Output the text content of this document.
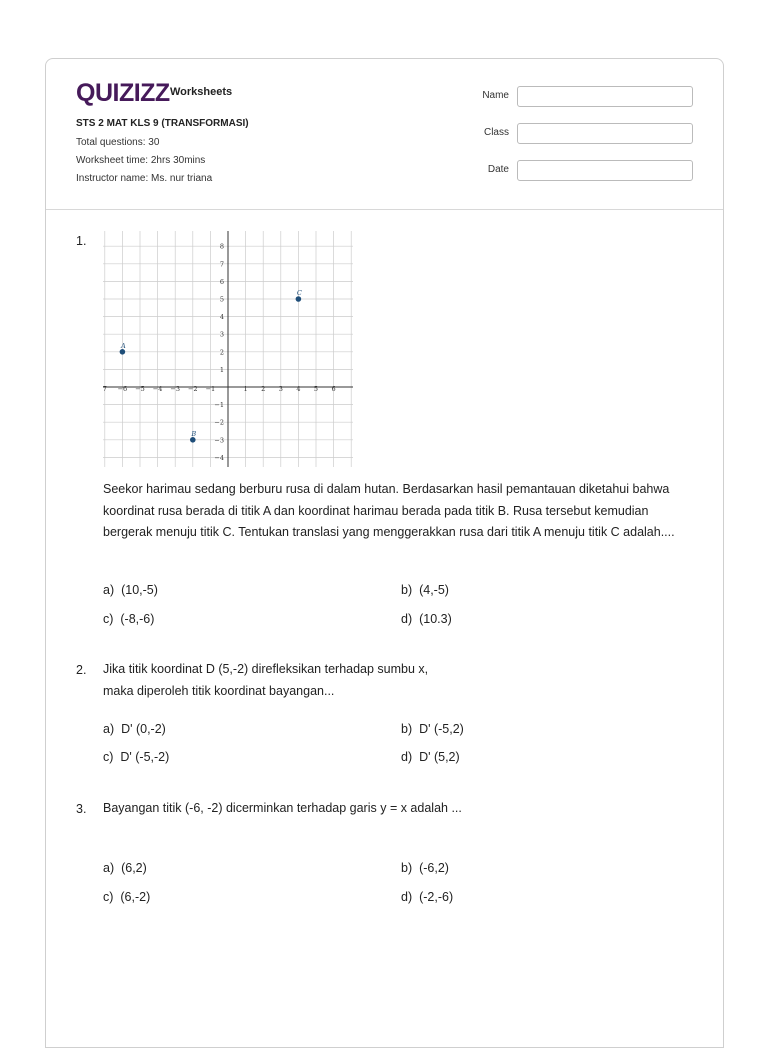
QUIZIZZ Worksheets
STS 2 MAT KLS 9 (TRANSFORMASI)
Total questions: 30
Worksheet time: 2hrs 30mins
Instructor name: Ms. nur triana
Name
Class
Date
1.
7 −6 −5 −4 −3 −2 −1	1 2 3 4 5 6
8
7
6
5
4
3
2
1
−1
−2
−3
−4
A
B
C
Seekor harimau sedang berburu rusa di dalam hutan. Berdasarkan hasil pemantauan diketahui bahwa koordinat rusa berada di titik A dan koordinat harimau berada pada titik B. Rusa tersebut kemudian bergerak menuju titik C. Tentukan translasi yang menggerakkan rusa dari titik A menuju titik C adalah....
a) (10,-5)	b) (4,-5)
c) (-8,-6)	d) (10.3)
2. Jika titik koordinat D (5,-2) direfleksikan terhadap sumbu x,
maka diperoleh titik koordinat bayangan...
a) D' (0,-2)	b) D' (-5,2)
c) D' (-5,-2)	d) D' (5,2)
3. Bayangan titik (-6, -2) dicerminkan terhadap garis y = x adalah ...
a) (6,2)	b) (-6,2)
c) (6,-2)	d) (-2,-6)
